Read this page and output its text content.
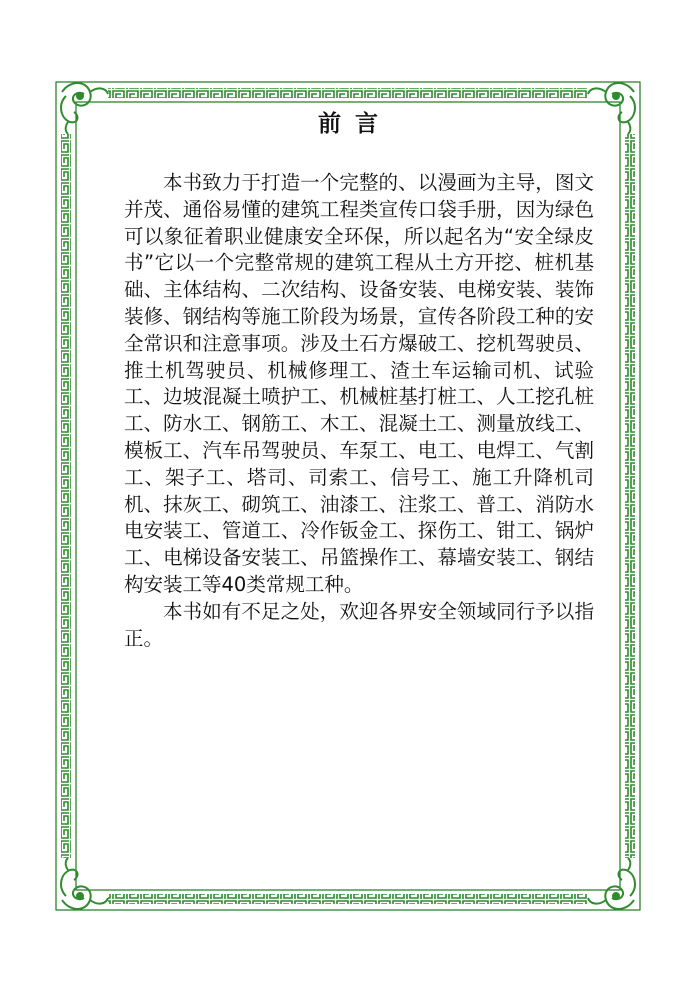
前言

本书致力于打造一个完整的、以漫画为主导，图文并茂、通俗易懂的建筑工程类宣传口袋手册，因为绿色可以象征着职业健康安全环保，所以起名为“安全绿皮书”它以一个完整常规的建筑工程从土方开挖、桩机基础、主体结构、二次结构、设备安装、电梯安装、装饰装修、钢结构等施工阶段为场景，宣传各阶段工种的安全常识和注意事项。涉及土石方爆破工、挖机驾驶员、推土机驾驶员、机械修理工、渣土车运输司机、试验工、边坡混凝土喷护工、机械桩基打桩工、人工挖孔桩工、防水工、钢筋工、木工、混凝土工、测量放线工、模板工、汽车吊驾驶员、车泵工、电工、电焊工、气割工、架子工、塔司、司索工、信号工、施工升降机司机、抹灰工、砌筑工、油漆工、注浆工、普工、消防水电安装工、管道工、冷作钣金工、探伤工、钳工、锅炉工、电梯设备安装工、吊篮操作工、幕墙安装工、钢结构安装工等40类常规工种。

本书如有不足之处，欢迎各界安全领域同行予以指正。
